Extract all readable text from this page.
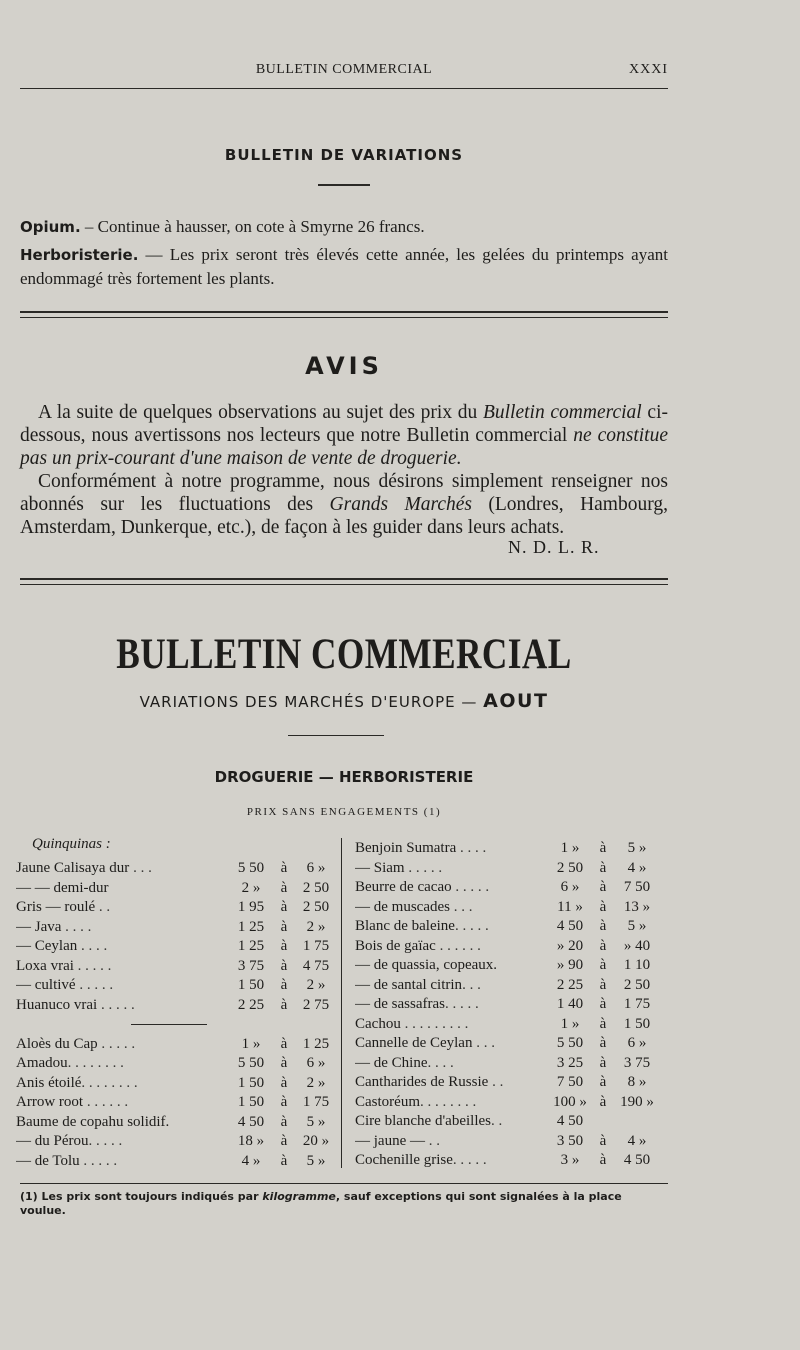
BULLETIN COMMERCIAL	XXXI
BULLETIN DE VARIATIONS

Opium. – Continue à hausser, on cote à Smyrne 26 francs.

Herboristerie. — Les prix seront très élevés cette année, les gelées du printemps ayant endommagé très fortement les plants.

AVIS

A la suite de quelques observations au sujet des prix du Bulletin commercial ci-dessous, nous avertissons nos lecteurs que notre Bulletin commercial ne constitue pas un prix-courant d'une maison de vente de droguerie.

Conformément à notre programme, nous désirons simplement renseigner nos abonnés sur les fluctuations des Grands Marchés (Londres, Hambourg, Amsterdam, Dunkerque, etc.), de façon à les guider dans leurs achats.

N. D. L. R.
BULLETIN COMMERCIAL
VARIATIONS DES MARCHÉS D'EUROPE — AOUT
DROGUERIE — HERBORISTERIE
PRIX SANS ENGAGEMENTS (1)
Quinquinas :
Jaune Calisaya dur . . .	5 50	à	6 »
— — demi-dur	2 »	à	2 50
Gris — roulé . .	1 95	à	2 50
— Java . . . .	1 25	à	2 »
— Ceylan . . . .	1 25	à	1 75
Loxa vrai . . . . .	3 75	à	4 75
— cultivé . . . . .	1 50	à	2 »
Huanuco vrai . . . . .	2 25	à	2 75
Aloès du Cap . . . . .	1 »	à	1 25
Amadou. . . . . . . .	5 50	à	6 »
Anis étoilé. . . . . . . .	1 50	à	2 »
Arrow root . . . . . .	1 50	à	1 75
Baume de copahu solidif.	4 50	à	5 »
— du Pérou. . . . .	18 »	à	20 »
— de Tolu . . . . .	4 »	à	5 »
Benjoin Sumatra . . . .	1 »	à	5 »
— Siam . . . . .	2 50	à	4 »
Beurre de cacao . . . . .	6 »	à	7 50
— de muscades . . .	11 »	à	13 »
Blanc de baleine. . . . .	4 50	à	5 »
Bois de gaïac . . . . . .	» 20	à	» 40
— de quassia, copeaux.	» 90	à	1 10
— de santal citrin. . .	2 25	à	2 50
— de sassafras. . . . .	1 40	à	1 75
Cachou . . . . . . . . .	1 »	à	1 50
Cannelle de Ceylan . . .	5 50	à	6 »
— de Chine. . . .	3 25	à	3 75
Cantharides de Russie . .	7 50	à	8 »
Castoréum. . . . . . . .	100 » à 190 »
Cire blanche d'abeilles. .	4 50
— jaune — . .	3 50	à	4 »
Cochenille grise. . . . .	3 »	à	4 50

(1) Les prix sont toujours indiqués par kilogramme, sauf exceptions qui sont signalées à la place voulue.
